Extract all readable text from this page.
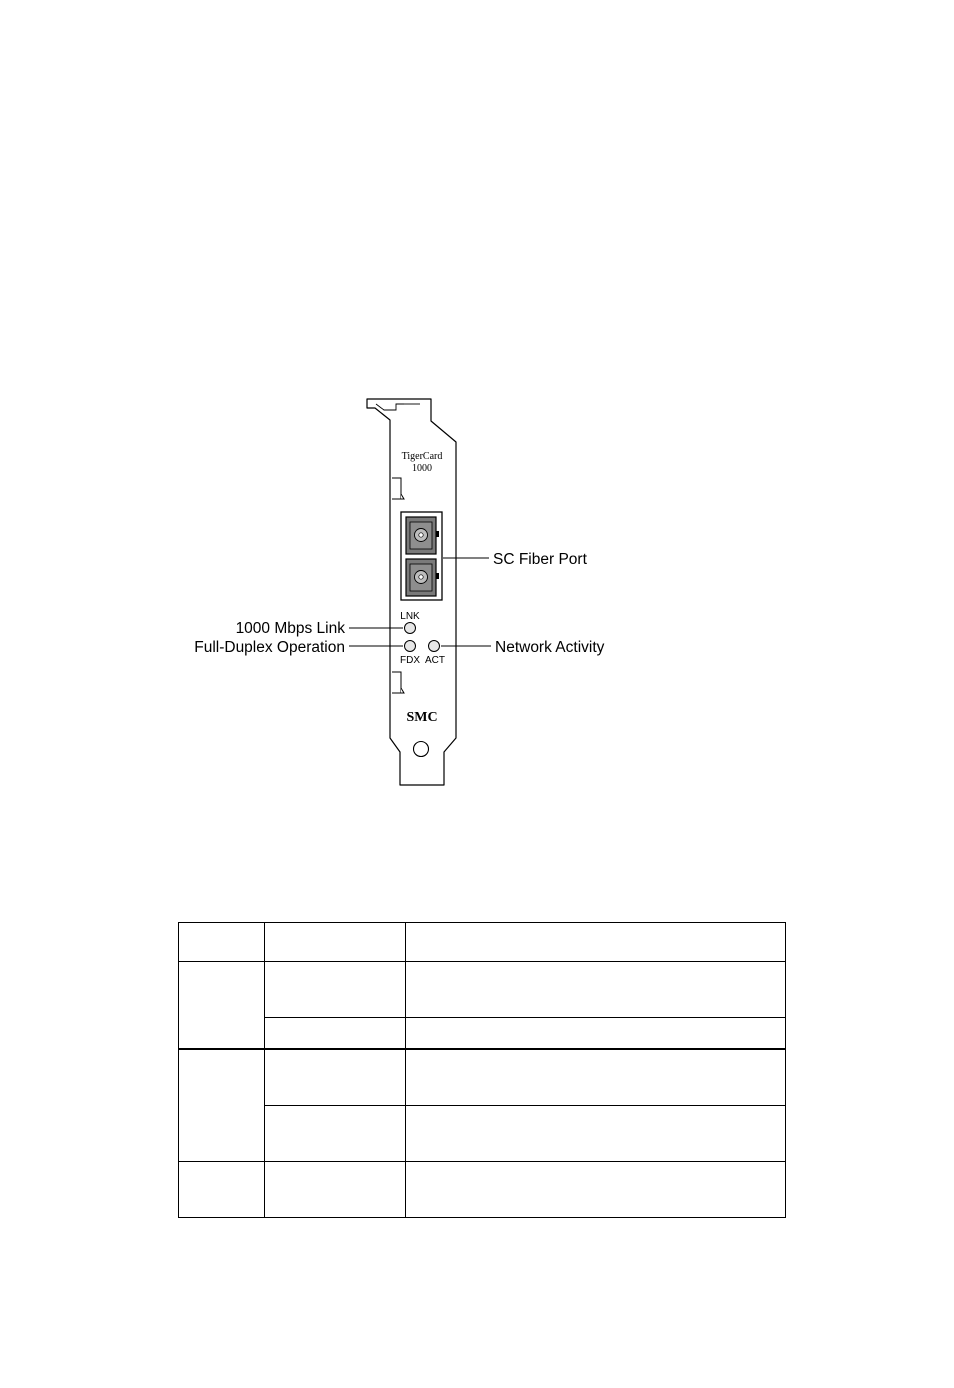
TigerCard
1000
LNK
FDX ACT
SMC
SC Fiber Port
1000 Mbps Link
Full-Duplex Operation	Network Activity
